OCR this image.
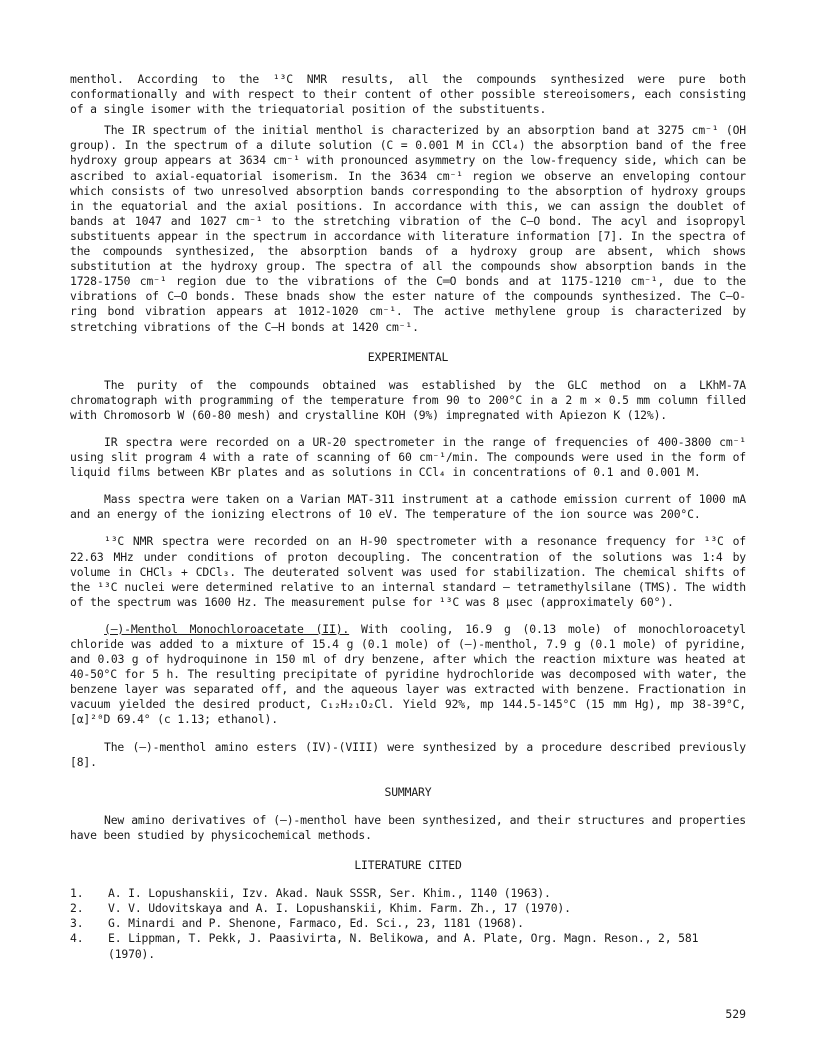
menthol. According to the ¹³C NMR results, all the compounds synthesized were pure both conformationally and with respect to their content of other possible stereoisomers, each consisting of a single isomer with the triequatorial position of the substituents.

The IR spectrum of the initial menthol is characterized by an absorption band at 3275 cm⁻¹ (OH group). In the spectrum of a dilute solution (C = 0.001 M in CCl₄) the absorption band of the free hydroxy group appears at 3634 cm⁻¹ with pronounced asymmetry on the low-frequency side, which can be ascribed to axial-equatorial isomerism. In the 3634 cm⁻¹ region we observe an enveloping contour which consists of two unresolved absorption bands corresponding to the absorption of hydroxy groups in the equatorial and the axial positions. In accordance with this, we can assign the doublet of bands at 1047 and 1027 cm⁻¹ to the stretching vibration of the C—O bond. The acyl and isopropyl substituents appear in the spectrum in accordance with literature information [7]. In the spectra of the compounds synthesized, the absorption bands of a hydroxy group are absent, which shows substitution at the hydroxy group. The spectra of all the compounds show absorption bands in the 1728-1750 cm⁻¹ region due to the vibrations of the C═O bonds and at 1175-1210 cm⁻¹, due to the vibrations of C—O bonds. These bnads show the ester nature of the compounds synthesized. The C—O-ring bond vibration appears at 1012-1020 cm⁻¹. The active methylene group is characterized by stretching vibrations of the C—H bonds at 1420 cm⁻¹.

EXPERIMENTAL

The purity of the compounds obtained was established by the GLC method on a LKhM-7A chromatograph with programming of the temperature from 90 to 200°C in a 2 m × 0.5 mm column filled with Chromosorb W (60-80 mesh) and crystalline KOH (9%) impregnated with Apiezon K (12%).

IR spectra were recorded on a UR-20 spectrometer in the range of frequencies of 400-3800 cm⁻¹ using slit program 4 with a rate of scanning of 60 cm⁻¹/min. The compounds were used in the form of liquid films between KBr plates and as solutions in CCl₄ in concentrations of 0.1 and 0.001 M.

Mass spectra were taken on a Varian MAT-311 instrument at a cathode emission current of 1000 mA and an energy of the ionizing electrons of 10 eV. The temperature of the ion source was 200°C.

¹³C NMR spectra were recorded on an H-90 spectrometer with a resonance frequency for ¹³C of 22.63 MHz under conditions of proton decoupling. The concentration of the solutions was 1:4 by volume in CHCl₃ + CDCl₃. The deuterated solvent was used for stabilization. The chemical shifts of the ¹³C nuclei were determined relative to an internal standard — tetramethylsilane (TMS). The width of the spectrum was 1600 Hz. The measurement pulse for ¹³C was 8 μsec (approximately 60°).

(—)-Menthol Monochloroacetate (II). With cooling, 16.9 g (0.13 mole) of monochloroacetyl chloride was added to a mixture of 15.4 g (0.1 mole) of (—)-menthol, 7.9 g (0.1 mole) of pyridine, and 0.03 g of hydroquinone in 150 ml of dry benzene, after which the reaction mixture was heated at 40-50°C for 5 h. The resulting precipitate of pyridine hydrochloride was decomposed with water, the benzene layer was separated off, and the aqueous layer was extracted with benzene. Fractionation in vacuum yielded the desired product, C₁₂H₂₁O₂Cl. Yield 92%, mp 144.5-145°C (15 mm Hg), mp 38-39°C, [α]²⁰D 69.4° (c 1.13; ethanol).

The (—)-menthol amino esters (IV)-(VIII) were synthesized by a procedure described previously [8].

SUMMARY

New amino derivatives of (—)-menthol have been synthesized, and their structures and properties have been studied by physicochemical methods.

LITERATURE CITED
1.	A. I. Lopushanskii, Izv. Akad. Nauk SSSR, Ser. Khim., 1140 (1963).
2.	V. V. Udovitskaya and A. I. Lopushanskii, Khim. Farm. Zh., 17 (1970).
3.	G. Minardi and P. Shenone, Farmaco, Ed. Sci., 23, 1181 (1968).
4.	E. Lippman, T. Pekk, J. Paasivirta, N. Belikowa, and A. Plate, Org. Magn. Reson., 2, 581 (1970).
529
